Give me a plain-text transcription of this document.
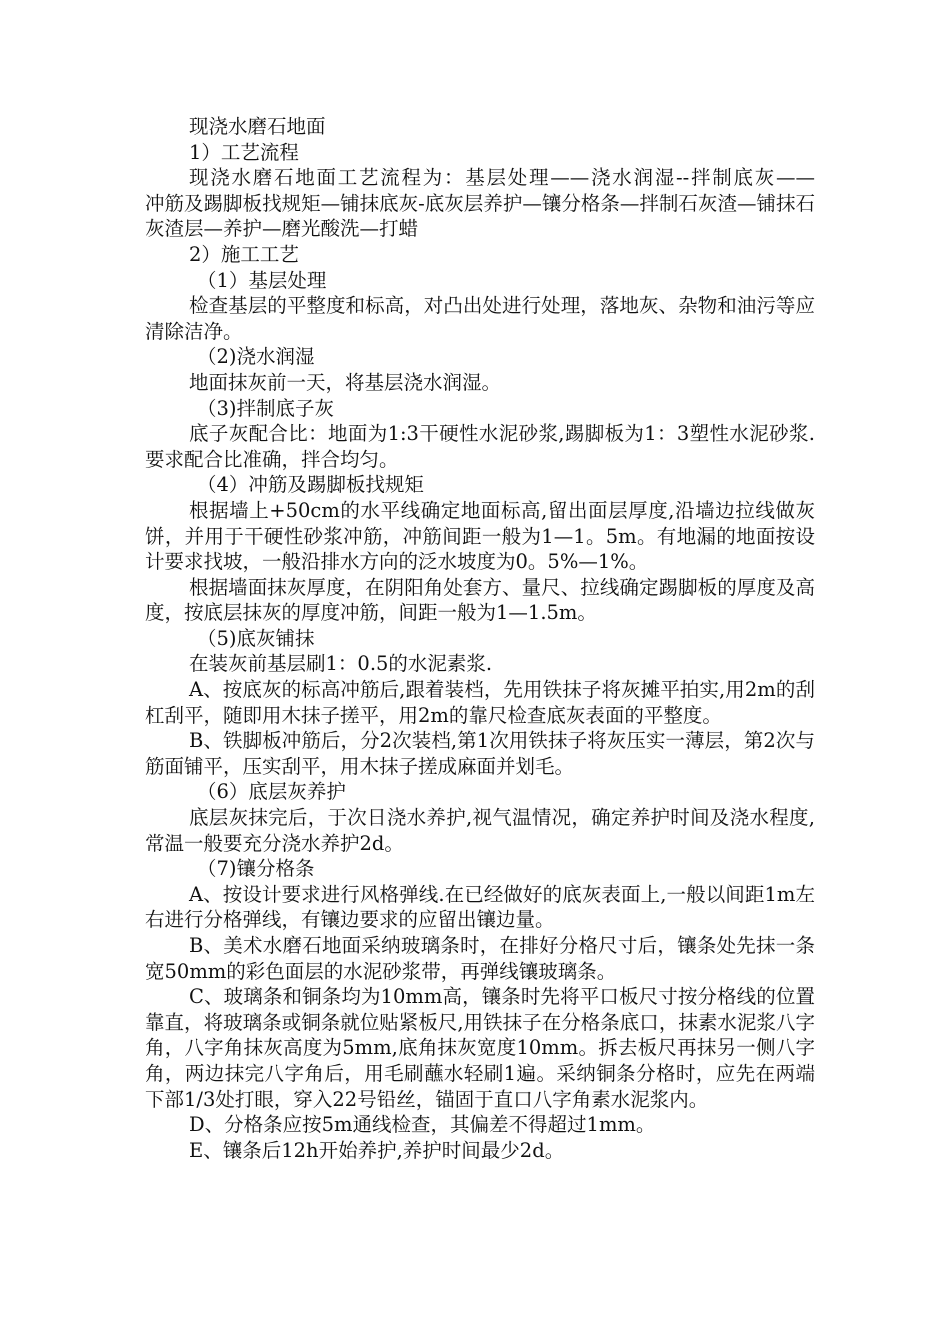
现浇水磨石地面

1）工艺流程

现浇水磨石地面工艺流程为：基层处理——浇水润湿--拌制底灰——　　冲筋及踢脚板找规矩—铺抹底灰-底灰层养护—镶分格条—拌制石灰渣—铺抹石灰渣层—养护—磨光酸洗—打蜡

2）施工工艺

（1）基层处理

检查基层的平整度和标高，对凸出处进行处理，落地灰、杂物和油污等应清除洁净。

（2)浇水润湿

地面抹灰前一天，将基层浇水润湿。

（3)拌制底子灰

底子灰配合比：地面为1:3干硬性水泥砂浆,踢脚板为1：3塑性水泥砂浆.要求配合比准确，拌合均匀。

（4）冲筋及踢脚板找规矩

根据墙上+50cm的水平线确定地面标高,留出面层厚度,沿墙边拉线做灰饼，并用于干硬性砂浆冲筋，冲筋间距一般为1—1。5m。有地漏的地面按设计要求找坡，一般沿排水方向的泛水坡度为0。5%—1%。

根据墙面抹灰厚度，在阴阳角处套方、量尺、拉线确定踢脚板的厚度及高度，按底层抹灰的厚度冲筋，间距一般为1—1.5m。

（5)底灰铺抹

在装灰前基层刷1：0.5的水泥素浆.

A、按底灰的标高冲筋后,跟着装档，先用铁抹子将灰摊平拍实,用2m的刮杠刮平，随即用木抹子搓平，用2m的靠尺检查底灰表面的平整度。

B、铁脚板冲筋后，分2次装档,第1次用铁抹子将灰压实一薄层，第2次与筋面铺平，压实刮平，用木抹子搓成麻面并划毛。

（6）底层灰养护

底层灰抹完后，于次日浇水养护,视气温情况，确定养护时间及浇水程度,常温一般要充分浇水养护2d。

（7)镶分格条

A、按设计要求进行风格弹线.在已经做好的底灰表面上,一般以间距1m左右进行分格弹线，有镶边要求的应留出镶边量。

B、美术水磨石地面采纳玻璃条时，在排好分格尺寸后，镶条处先抹一条宽50mm的彩色面层的水泥砂浆带，再弹线镶玻璃条。

C、玻璃条和铜条均为10mm高，镶条时先将平口板尺寸按分格线的位置靠直，将玻璃条或铜条就位贴紧板尺,用铁抹子在分格条底口，抹素水泥浆八字角，八字角抹灰高度为5mm,底角抹灰宽度10mm。拆去板尺再抹另一侧八字角，两边抹完八字角后，用毛刷蘸水轻刷1遍。采纳铜条分格时，应先在两端下部1/3处打眼，穿入22号铅丝，锚固于直口八字角素水泥浆内。

D、分格条应按5m通线检查，其偏差不得超过1mm。

E、镶条后12h开始养护,养护时间最少2d。
